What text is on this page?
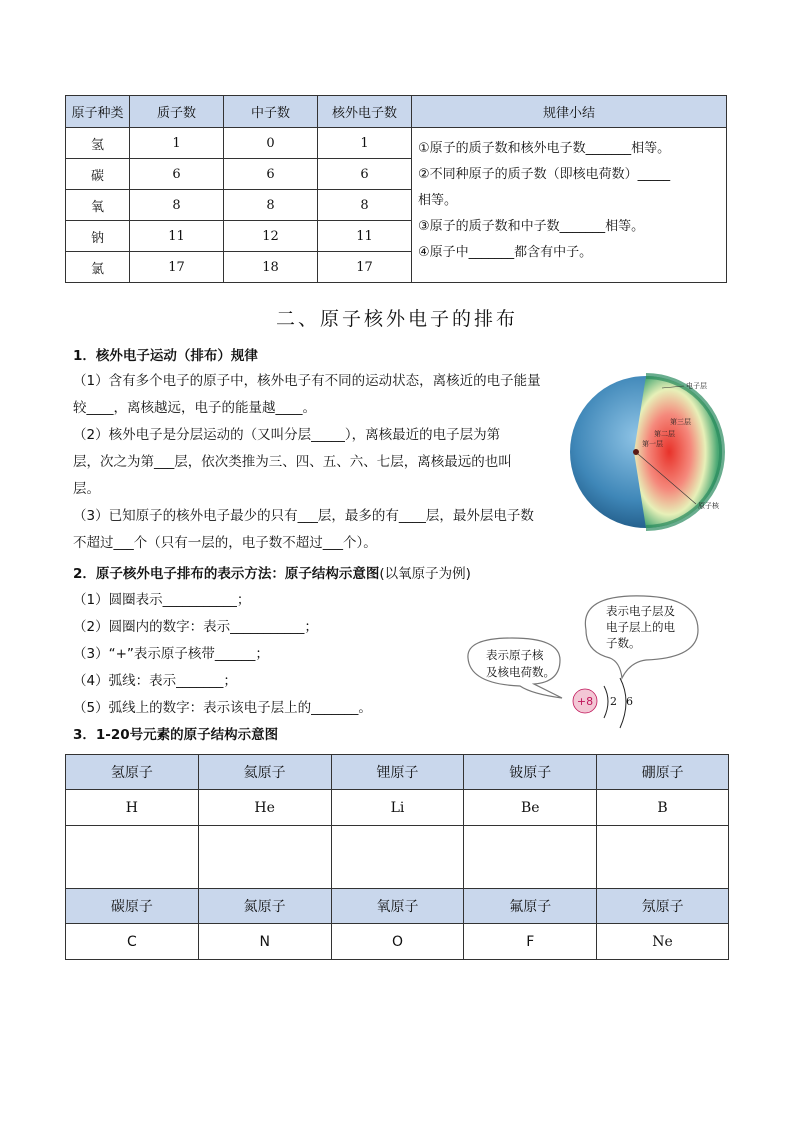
原子种类	质子数	中子数	核外电子数	规律小结
氢	1	0	1	①原子的质子数和核外电子数_______相等。
②不同种原子的质子数（即核电荷数）_____
相等。
③原子的质子数和中子数_______相等。
④原子中_______都含有中子。

碳	6	6	6	
氧	8	8	8	
钠	11	12	11	
氯	17	18	17	
二、原子核外电子的排布
1．核外电子运动（排布）规律
（1）含有多个电子的原子中，核外电子有不同的运动状态，离核近的电子能量
较____，离核越远，电子的能量越____。
（2）核外电子是分层运动的（又叫分层_____），离核最近的电子层为第
层，次之为第___层，依次类推为三、四、五、六、七层，离核最远的也叫
层。
（3）已知原子的核外电子最少的只有___层，最多的有____层，最外层电子数
不超过___个（只有一层的，电子数不超过___个）。
电子层
第三层
第二层
第一层
原子核
2．原子核外电子排布的表示方法：原子结构示意图(以氧原子为例)
（1）圆圈表示___________；
（2）圆圈内的数字：表示___________；
（3）“+”表示原子核带______；
（4）弧线：表示_______；
（5）弧线上的数字：表示该电子层上的_______。
表示电子层及 电子层上的电 子数。
表示原子核 及核电荷数。
+8 2 6
3．1-20号元素的原子结构示意图
氢原子	氦原子	锂原子	铍原子	硼原子
H	He	Li	Be	B

碳原子	氮原子	氧原子	氟原子	氖原子
C	N	O	F	Ne
